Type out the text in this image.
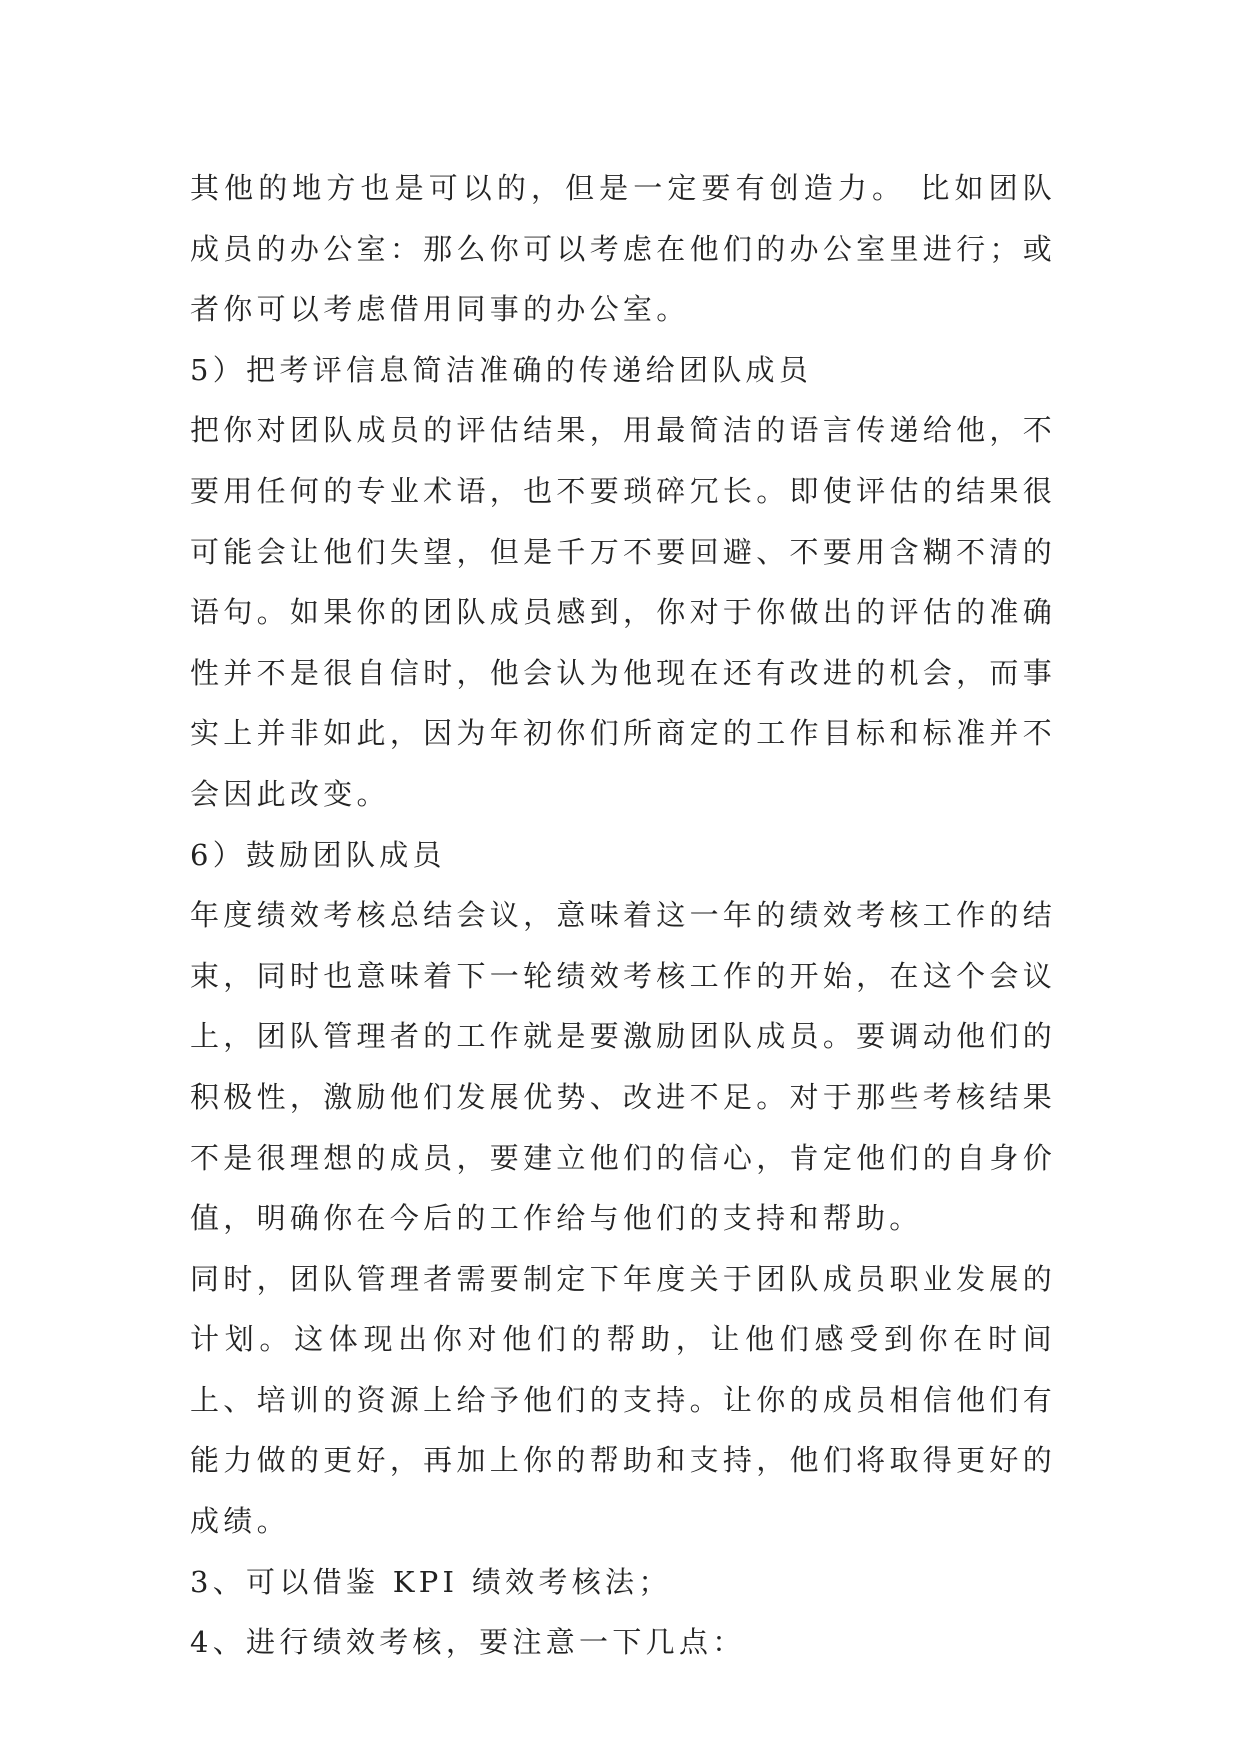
其他的地方也是可以的，但是一定要有创造力。 比如团队成员的办公室：那么你可以考虑在他们的办公室里进行；或者你可以考虑借用同事的办公室。

5）把考评信息简洁准确的传递给团队成员

把你对团队成员的评估结果，用最简洁的语言传递给他，不要用任何的专业术语，也不要琐碎冗长。即使评估的结果很可能会让他们失望，但是千万不要回避、不要用含糊不清的语句。如果你的团队成员感到，你对于你做出的评估的准确性并不是很自信时，他会认为他现在还有改进的机会，而事实上并非如此，因为年初你们所商定的工作目标和标准并不会因此改变。

6）鼓励团队成员

年度绩效考核总结会议，意味着这一年的绩效考核工作的结束，同时也意味着下一轮绩效考核工作的开始，在这个会议上，团队管理者的工作就是要激励团队成员。要调动他们的积极性，激励他们发展优势、改进不足。对于那些考核结果不是很理想的成员，要建立他们的信心，肯定他们的自身价值，明确你在今后的工作给与他们的支持和帮助。

同时，团队管理者需要制定下年度关于团队成员职业发展的计划。这体现出你对他们的帮助，让他们感受到你在时间上、培训的资源上给予他们的支持。让你的成员相信他们有能力做的更好，再加上你的帮助和支持，他们将取得更好的成绩。

3、可以借鉴 KPI 绩效考核法；

4、进行绩效考核，要注意一下几点：
